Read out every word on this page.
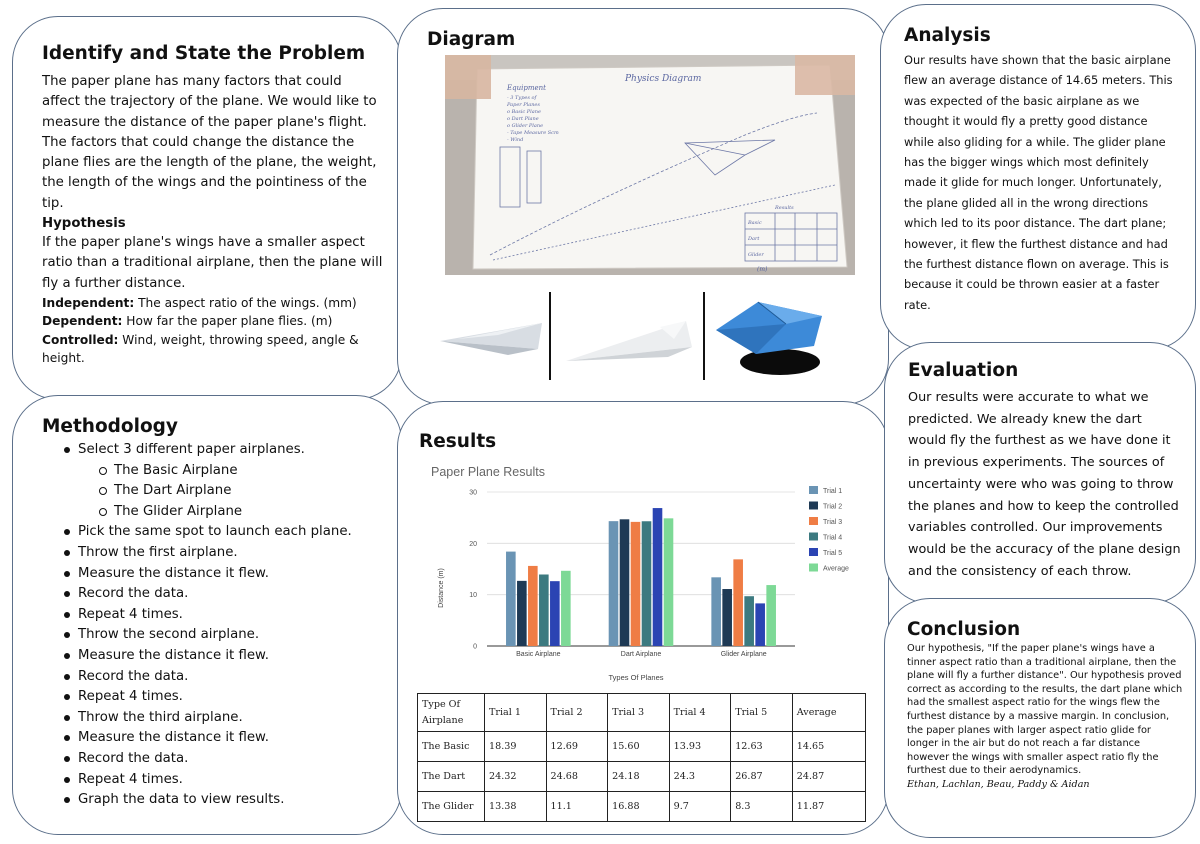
Identify and State the Problem

The paper plane has many factors that could affect the trajectory of the plane. We would like to measure the distance of the paper plane's flight. The factors that could change the distance the plane flies are the length of the plane, the weight, the length of the wings and the pointiness of the tip.

Hypothesis

If the paper plane's wings have a smaller aspect ratio than a traditional airplane, then the plane will fly a further distance.

Independent: The aspect ratio of the wings. (mm)

Dependent: How far the paper plane flies. (m)

Controlled: Wind, weight, throwing speed, angle & height.

Methodology

Select 3 different paper airplanes.
The Basic Airplane
The Dart Airplane
The Glider Airplane
Pick the same spot to launch each plane.
Throw the first airplane.
Measure the distance it flew.
Record the data.
Repeat 4 times.
Throw the second airplane.
Measure the distance it flew.
Record the data.
Repeat 4 times.
Throw the third airplane.
Measure the distance it flew.
Record the data.
Repeat 4 times.
Graph the data to view results.

Diagram

Physics Diagram
Equipment
- 3 Types of
Paper Planes
o Basic Plane
o Dart Plane
o Glider Plane
- Tape Measure Scm
- Wind
Results
Basic
Dart
Glider
(m)

Results

Paper Plane Results
Distance (m)
Types Of Planes
0
10
20
30
Basic Airplane	Dart Airplane	Glider Airplane
Trial 1
Trial 2
Trial 3
Trial 4
Trial 5
Average
Type Of Airplane	Trial 1	Trial 2	Trial 3	Trial 4	Trial 5	Average
The Basic	18.39	12.69	15.60	13.93	12.63	14.65
The Dart	24.32	24.68	24.18	24.3	26.87	24.87
The Glider	13.38	11.1	16.88	9.7	8.3	11.87

Analysis

Our results have shown that the basic airplane flew an average distance of 14.65 meters. This was expected of the basic airplane as we thought it would fly a pretty good distance while also gliding for a while. The glider plane has the bigger wings which most definitely made it glide for much longer. Unfortunately, the plane glided all in the wrong directions which led to its poor distance. The dart plane; however, it flew the furthest distance and had the furthest distance flown on average. This is because it could be thrown easier at a faster rate.

Evaluation

Our results were accurate to what we predicted. We already knew the dart would fly the furthest as we have done it in previous experiments. The sources of uncertainty were who was going to throw the planes and how to keep the controlled variables controlled. Our improvements would be the accuracy of the plane design and the consistency of each throw.

Conclusion

Our hypothesis, "If the paper plane's wings have a tinner aspect ratio than a traditional airplane, then the plane will fly a further distance". Our hypothesis proved correct as according to the results, the dart plane which had the smallest aspect ratio for the wings flew the furthest distance by a massive margin. In conclusion, the paper planes with larger aspect ratio glide for longer in the air but do not reach a far distance however the wings with smaller aspect ratio fly the furthest due to their aerodynamics.

Ethan, Lachlan, Beau, Paddy & Aidan
